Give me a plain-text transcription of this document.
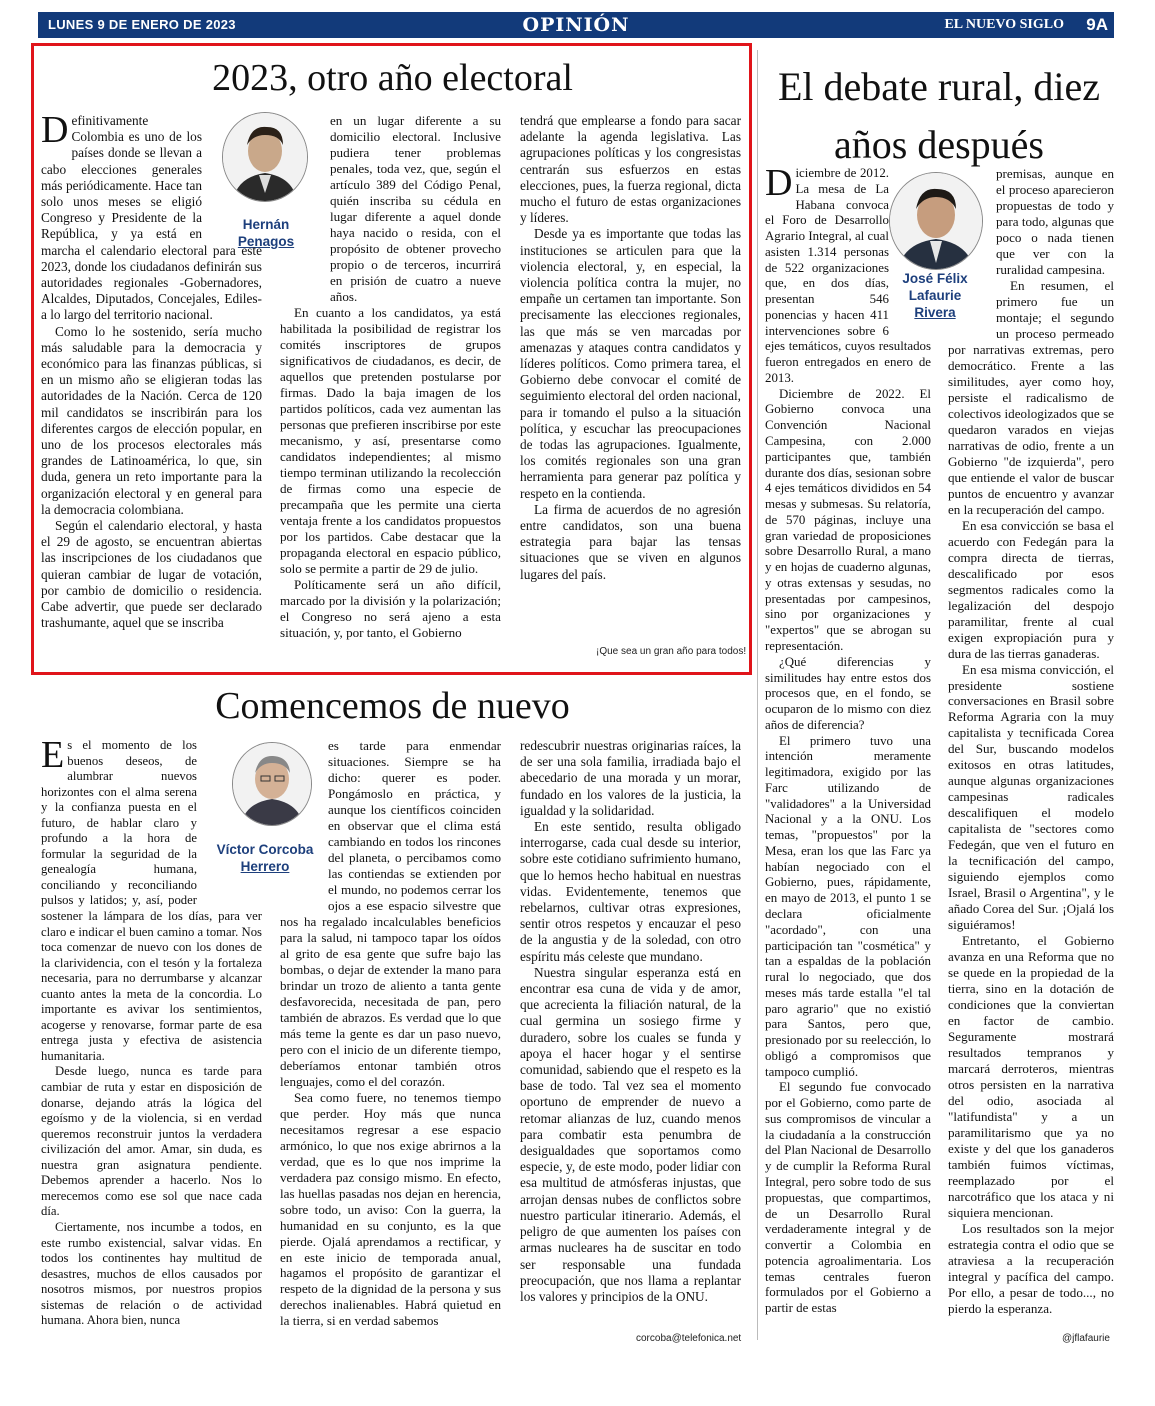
LUNES 9 DE ENERO DE 2023	OPINIÓN	EL NUEVO SIGLO 9A
2023, otro año electoral
Hernán
Penagos
D efinitivamente Colombia es uno de los países donde se llevan a cabo elecciones generales más periódicamente. Hace tan solo unos meses se eligió Congreso y Presidente de la República, y ya está en marcha el calendario electoral para este 2023, donde los ciudadanos definirán sus autoridades regionales -Gobernadores, Alcaldes, Diputados, Concejales, Ediles- a lo largo del territorio nacional.

Como lo he sostenido, sería mucho más saludable para la democracia y económico para las finanzas públicas, si en un mismo año se eligieran todas las autoridades de la Nación. Cerca de 120 mil candidatos se inscribirán para los diferentes cargos de elección popular, en uno de los procesos electorales más grandes de Latinoamérica, lo que, sin duda, genera un reto importante para la organización electoral y en general para la democracia colombiana.

Según el calendario electoral, y hasta el 29 de agosto, se encuentran abiertas las inscripciones de los ciudadanos que quieran cambiar de lugar de votación, por cambio de domicilio o residencia. Cabe advertir, que puede ser declarado trashumante, aquel que se inscriba

en un lugar diferente a su domicilio electoral. Inclusive pudiera tener problemas penales, toda vez, que, según el artículo 389 del Código Penal, quién inscriba su cédula en lugar diferente a aquel donde haya nacido o resida, con el propósito de obtener provecho propio o de terceros, incurrirá en prisión de cuatro a nueve años.

En cuanto a los candidatos, ya está habilitada la posibilidad de registrar los comités inscriptores de grupos significativos de ciudadanos, es decir, de aquellos que pretenden postularse por firmas. Dado la baja imagen de los partidos políticos, cada vez aumentan las personas que prefieren inscribirse por este mecanismo, y así, presentarse como candidatos independientes; al mismo tiempo terminan utilizando la recolección de firmas como una especie de precampaña que les permite una cierta ventaja frente a los candidatos propuestos por los partidos. Cabe destacar que la propaganda electoral en espacio público, solo se permite a partir de 29 de julio.

Políticamente será un año difícil, marcado por la división y la polarización; el Congreso no será ajeno a esta situación, y, por tanto, el Gobierno

tendrá que emplearse a fondo para sacar adelante la agenda legislativa. Las agrupaciones políticas y los congresistas centrarán sus esfuerzos en estas elecciones, pues, la fuerza regional, dicta mucho el futuro de estas organizaciones y líderes.

Desde ya es importante que todas las instituciones se articulen para que la violencia electoral, y, en especial, la violencia política contra la mujer, no empañe un certamen tan importante. Son precisamente las elecciones regionales, las que más se ven marcadas por amenazas y ataques contra candidatos y líderes políticos. Como primera tarea, el Gobierno debe convocar el comité de seguimiento electoral del orden nacional, para ir tomando el pulso a la situación política, y escuchar las preocupaciones de todas las agrupaciones. Igualmente, los comités regionales son una gran herramienta para generar paz política y respeto en la contienda.

La firma de acuerdos de no agresión entre candidatos, son una buena estrategia para bajar las tensas situaciones que se viven en algunos lugares del país.

¡Que sea un gran año para todos!
Comencemos de nuevo
Víctor Corcoba
Herrero
E s el momento de los buenos deseos, de alumbrar nuevos horizontes con el alma serena y la confianza puesta en el futuro, de hablar claro y profundo a la hora de formular la seguridad de la genealogía humana, conciliando y reconciliando pulsos y latidos; y, así, poder sostener la lámpara de los días, para ver claro e indicar el buen camino a tomar. Nos toca comenzar de nuevo con los dones de la clarividencia, con el tesón y la fortaleza necesaria, para no derrumbarse y alcanzar cuanto antes la meta de la concordia. Lo importante es avivar los sentimientos, acogerse y renovarse, formar parte de esa entrega justa y efectiva de asistencia humanitaria.

Desde luego, nunca es tarde para cambiar de ruta y estar en disposición de donarse, dejando atrás la lógica del egoísmo y de la violencia, si en verdad queremos reconstruir juntos la verdadera civilización del amor. Amar, sin duda, es nuestra gran asignatura pendiente. Debemos aprender a hacerlo. Nos lo merecemos como ese sol que nace cada día.

Ciertamente, nos incumbe a todos, en este rumbo existencial, salvar vidas. En todos los continentes hay multitud de desastres, muchos de ellos causados por nosotros mismos, por nuestros propios sistemas de relación o de actividad humana. Ahora bien, nunca

es tarde para enmendar situaciones. Siempre se ha dicho: querer es poder. Pongámoslo en práctica, y aunque los científicos coinciden en observar que el clima está cambiando en todos los rincones del planeta, o percibamos como las contiendas se extienden por el mundo, no podemos cerrar los ojos a ese espacio silvestre que nos ha regalado incalculables beneficios para la salud, ni tampoco tapar los oídos al grito de esa gente que sufre bajo las bombas, o dejar de extender la mano para brindar un trozo de aliento a tanta gente desfavorecida, necesitada de pan, pero también de abrazos. Es verdad que lo que más teme la gente es dar un paso nuevo, pero con el inicio de un diferente tiempo, deberíamos entonar también otros lenguajes, como el del corazón.

Sea como fuere, no tenemos tiempo que perder. Hoy más que nunca necesitamos regresar a ese espacio armónico, lo que nos exige abrirnos a la verdad, que es lo que nos imprime la verdadera paz consigo mismo. En efecto, las huellas pasadas nos dejan en herencia, sobre todo, un aviso: Con la guerra, la humanidad en su conjunto, es la que pierde. Ojalá aprendamos a rectificar, y en este inicio de temporada anual, hagamos el propósito de garantizar el respeto de la dignidad de la persona y sus derechos inalienables. Habrá quietud en la tierra, si en verdad sabemos

redescubrir nuestras originarias raíces, la de ser una sola familia, irradiada bajo el abecedario de una morada y un morar, fundado en los valores de la justicia, la igualdad y la solidaridad.

En este sentido, resulta obligado interrogarse, cada cual desde su interior, sobre este cotidiano sufrimiento humano, que lo hemos hecho habitual en nuestras vidas. Evidentemente, tenemos que rebelarnos, cultivar otras expresiones, sentir otros respetos y encauzar el peso de la angustia y de la soledad, con otro espíritu más celeste que mundano.

Nuestra singular esperanza está en encontrar esa cuna de vida y de amor, que acrecienta la filiación natural, de la cual germina un sosiego firme y duradero, sobre los cuales se funda y apoya el hacer hogar y el sentirse comunidad, sabiendo que el respeto es la base de todo. Tal vez sea el momento oportuno de emprender de nuevo a retomar alianzas de luz, cuando menos para combatir esta penumbra de desigualdades que soportamos como especie, y, de este modo, poder lidiar con esa multitud de atmósferas injustas, que arrojan densas nubes de conflictos sobre nuestro particular itinerario. Además, el peligro de que aumenten los países con armas nucleares ha de suscitar en todo ser responsable una fundada preocupación, que nos llama a replantar los valores y principios de la ONU.

corcoba@telefonica.net
El debate rural, diez años después
José Félix
Lafaurie
Rivera
D iciembre de 2012. La mesa de La Habana convoca el Foro de Desarrollo Agrario Integral, al cual asisten 1.314 personas de 522 organizaciones que, en dos días, presentan 546 ponencias y hacen 411 intervenciones sobre 6 ejes temáticos, cuyos resultados fueron entregados en enero de 2013.

Diciembre de 2022. El Gobierno convoca una Convención Nacional Campesina, con 2.000 participantes que, también durante dos días, sesionan sobre 4 ejes temáticos divididos en 54 mesas y submesas. Su relatoría, de 570 páginas, incluye una gran variedad de proposiciones sobre Desarrollo Rural, a mano y en hojas de cuaderno algunas, y otras extensas y sesudas, no presentadas por campesinos, sino por organizaciones y "expertos" que se abrogan su representación.

¿Qué diferencias y similitudes hay entre estos dos procesos que, en el fondo, se ocuparon de lo mismo con diez años de diferencia?

El primero tuvo una intención meramente legitimadora, exigido por las Farc utilizando de "validadores" a la Universidad Nacional y a la ONU. Los temas, "propuestos" por la Mesa, eran los que las Farc ya habían negociado con el Gobierno, pues, rápidamente, en mayo de 2013, el punto 1 se declara oficialmente "acordado", con una participación tan "cosmética" y tan a espaldas de la población rural lo negociado, que dos meses más tarde estalla "el tal paro agrario" que no existió para Santos, pero que, presionado por su reelección, lo obligó a compromisos que tampoco cumplió.

El segundo fue convocado por el Gobierno, como parte de sus compromisos de vincular a la ciudadanía a la construcción del Plan Nacional de Desarrollo y de cumplir la Reforma Rural Integral, pero sobre todo de sus propuestas, que compartimos, de un Desarrollo Rural verdaderamente integral y de convertir a Colombia en potencia agroalimentaria. Los temas centrales fueron formulados por el Gobierno a partir de estas

premisas, aunque en el proceso aparecieron propuestas de todo y para todo, algunas que poco o nada tienen que ver con la ruralidad campesina.

En resumen, el primero fue un montaje; el segundo un proceso permeado por narrativas extremas, pero democrático. Frente a las similitudes, ayer como hoy, persiste el radicalismo de colectivos ideologizados que se quedaron varados en viejas narrativas de odio, frente a un Gobierno "de izquierda", pero que entiende el valor de buscar puntos de encuentro y avanzar en la recuperación del campo.

En esa convicción se basa el acuerdo con Fedegán para la compra directa de tierras, descalificado por esos segmentos radicales como la legalización del despojo paramilitar, frente al cual exigen expropiación pura y dura de las tierras ganaderas.

En esa misma convicción, el presidente sostiene conversaciones en Brasil sobre Reforma Agraria con la muy capitalista y tecnificada Corea del Sur, buscando modelos exitosos en otras latitudes, aunque algunas organizaciones campesinas radicales descalifiquen el modelo capitalista de "sectores como Fedegán, que ven el futuro en la tecnificación del campo, siguiendo ejemplos como Israel, Brasil o Argentina", y le añado Corea del Sur. ¡Ojalá los siguiéramos!

Entretanto, el Gobierno avanza en una Reforma que no se quede en la propiedad de la tierra, sino en la dotación de condiciones que la conviertan en factor de cambio. Seguramente mostrará resultados tempranos y marcará derroteros, mientras otros persisten en la narrativa del odio, asociada al "latifundista" y a un paramilitarismo que ya no existe y del que los ganaderos también fuimos víctimas, reemplazado por el narcotráfico que los ataca y ni siquiera mencionan.

Los resultados son la mejor estrategia contra el odio que se atraviesa a la recuperación integral y pacífica del campo. Por ello, a pesar de todo..., no pierdo la esperanza.

@jflafaurie
